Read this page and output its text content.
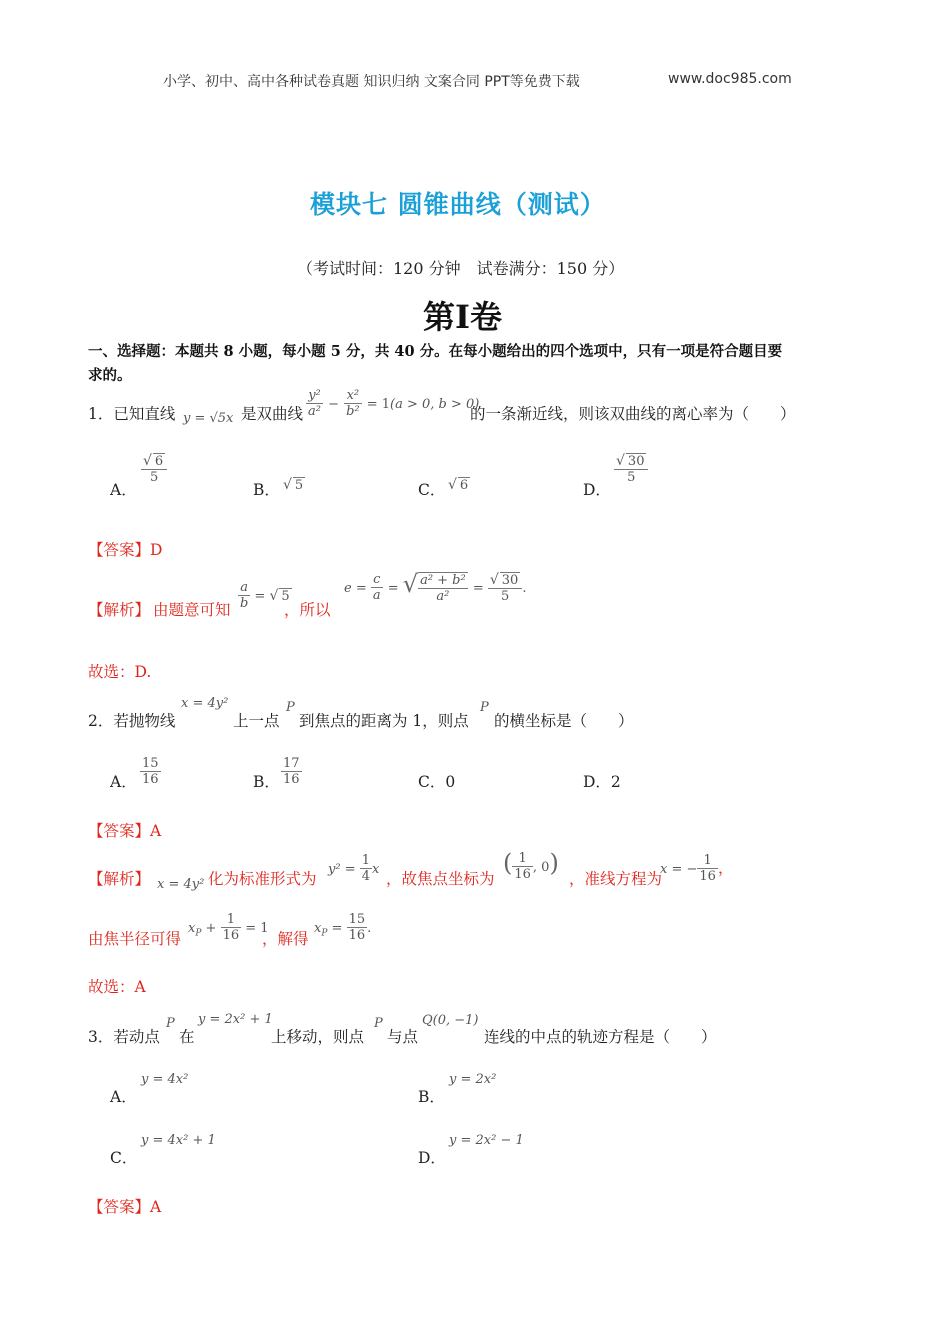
小学、初中、高中各种试卷真题 知识归纳 文案合同 PPT等免费下载	www.doc985.com
模块七 圆锥曲线（测试）
（考试时间：120 分钟　试卷满分：150 分）
第Ⅰ卷
一、选择题：本题共 8 小题，每小题 5 分，共 40 分。在每小题给出的四个选项中，只有一项是符合题目要
求的。
1．已知直线 y = √5x 是双曲线 $\frac{\text{y²}}{\text{a²}} - \frac{\text{x²}}{\text{b²}} = 1(a > 0$, b > 0)
的一条渐近线，则该双曲线的离心率为（　　）
A．
$\frac{√ 6}{5}$
B． √ 5	C． √ 6	D．
$\frac{√ 30}{5}$
【答案】D
【解析】 由题意可知 $\frac{a}{b}$ = √ 5
，所以
$e = \frac{c}{a}$ = √ $\frac{\text{a² + b²}}{\text{a²}} = \frac{√ 30}{5}$ .
故选：D.
2．若抛物线
x = 4y²
上一点
P
到焦点的距离为 1，则点
P
的横坐标是（　　）
A． $\frac{15}{16}$	B． $\frac{17}{16}$	C．0	D．2
【答案】A
【解析】 x = 4y² 化为标准形式为
$y^2 = \frac{1}{4}$ x
，故焦点坐标为
( $\frac{1}{16}$ , 0)
，准线方程为
x = − $\frac{1}{16}$ ，
由焦半径可得
$x_P + \frac{1}{16} = 1$
，解得
$x_P = \frac{15}{16}$ .
故选：A
3．若动点
P
在
y = 2x² + 1
上移动，则点
P
与点
Q(0, −1)
连线的中点的轨迹方程是（　　）
A．
y = 4x²
B．
y = 2x²
C．
y = 4x² + 1
D．
y = 2x² − 1
【答案】A
